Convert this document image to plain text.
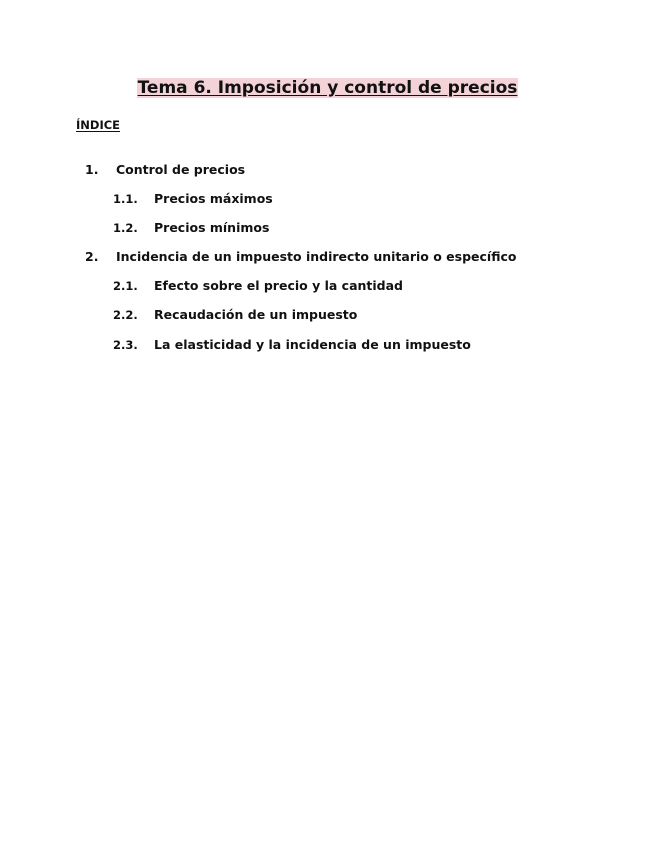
Tema 6. Imposición y control de precios
ÍNDICE
1. Control de precios
1.1. Precios máximos
1.2. Precios mínimos
2. Incidencia de un impuesto indirecto unitario o específico
2.1. Efecto sobre el precio y la cantidad
2.2. Recaudación de un impuesto
2.3. La elasticidad y la incidencia de un impuesto
